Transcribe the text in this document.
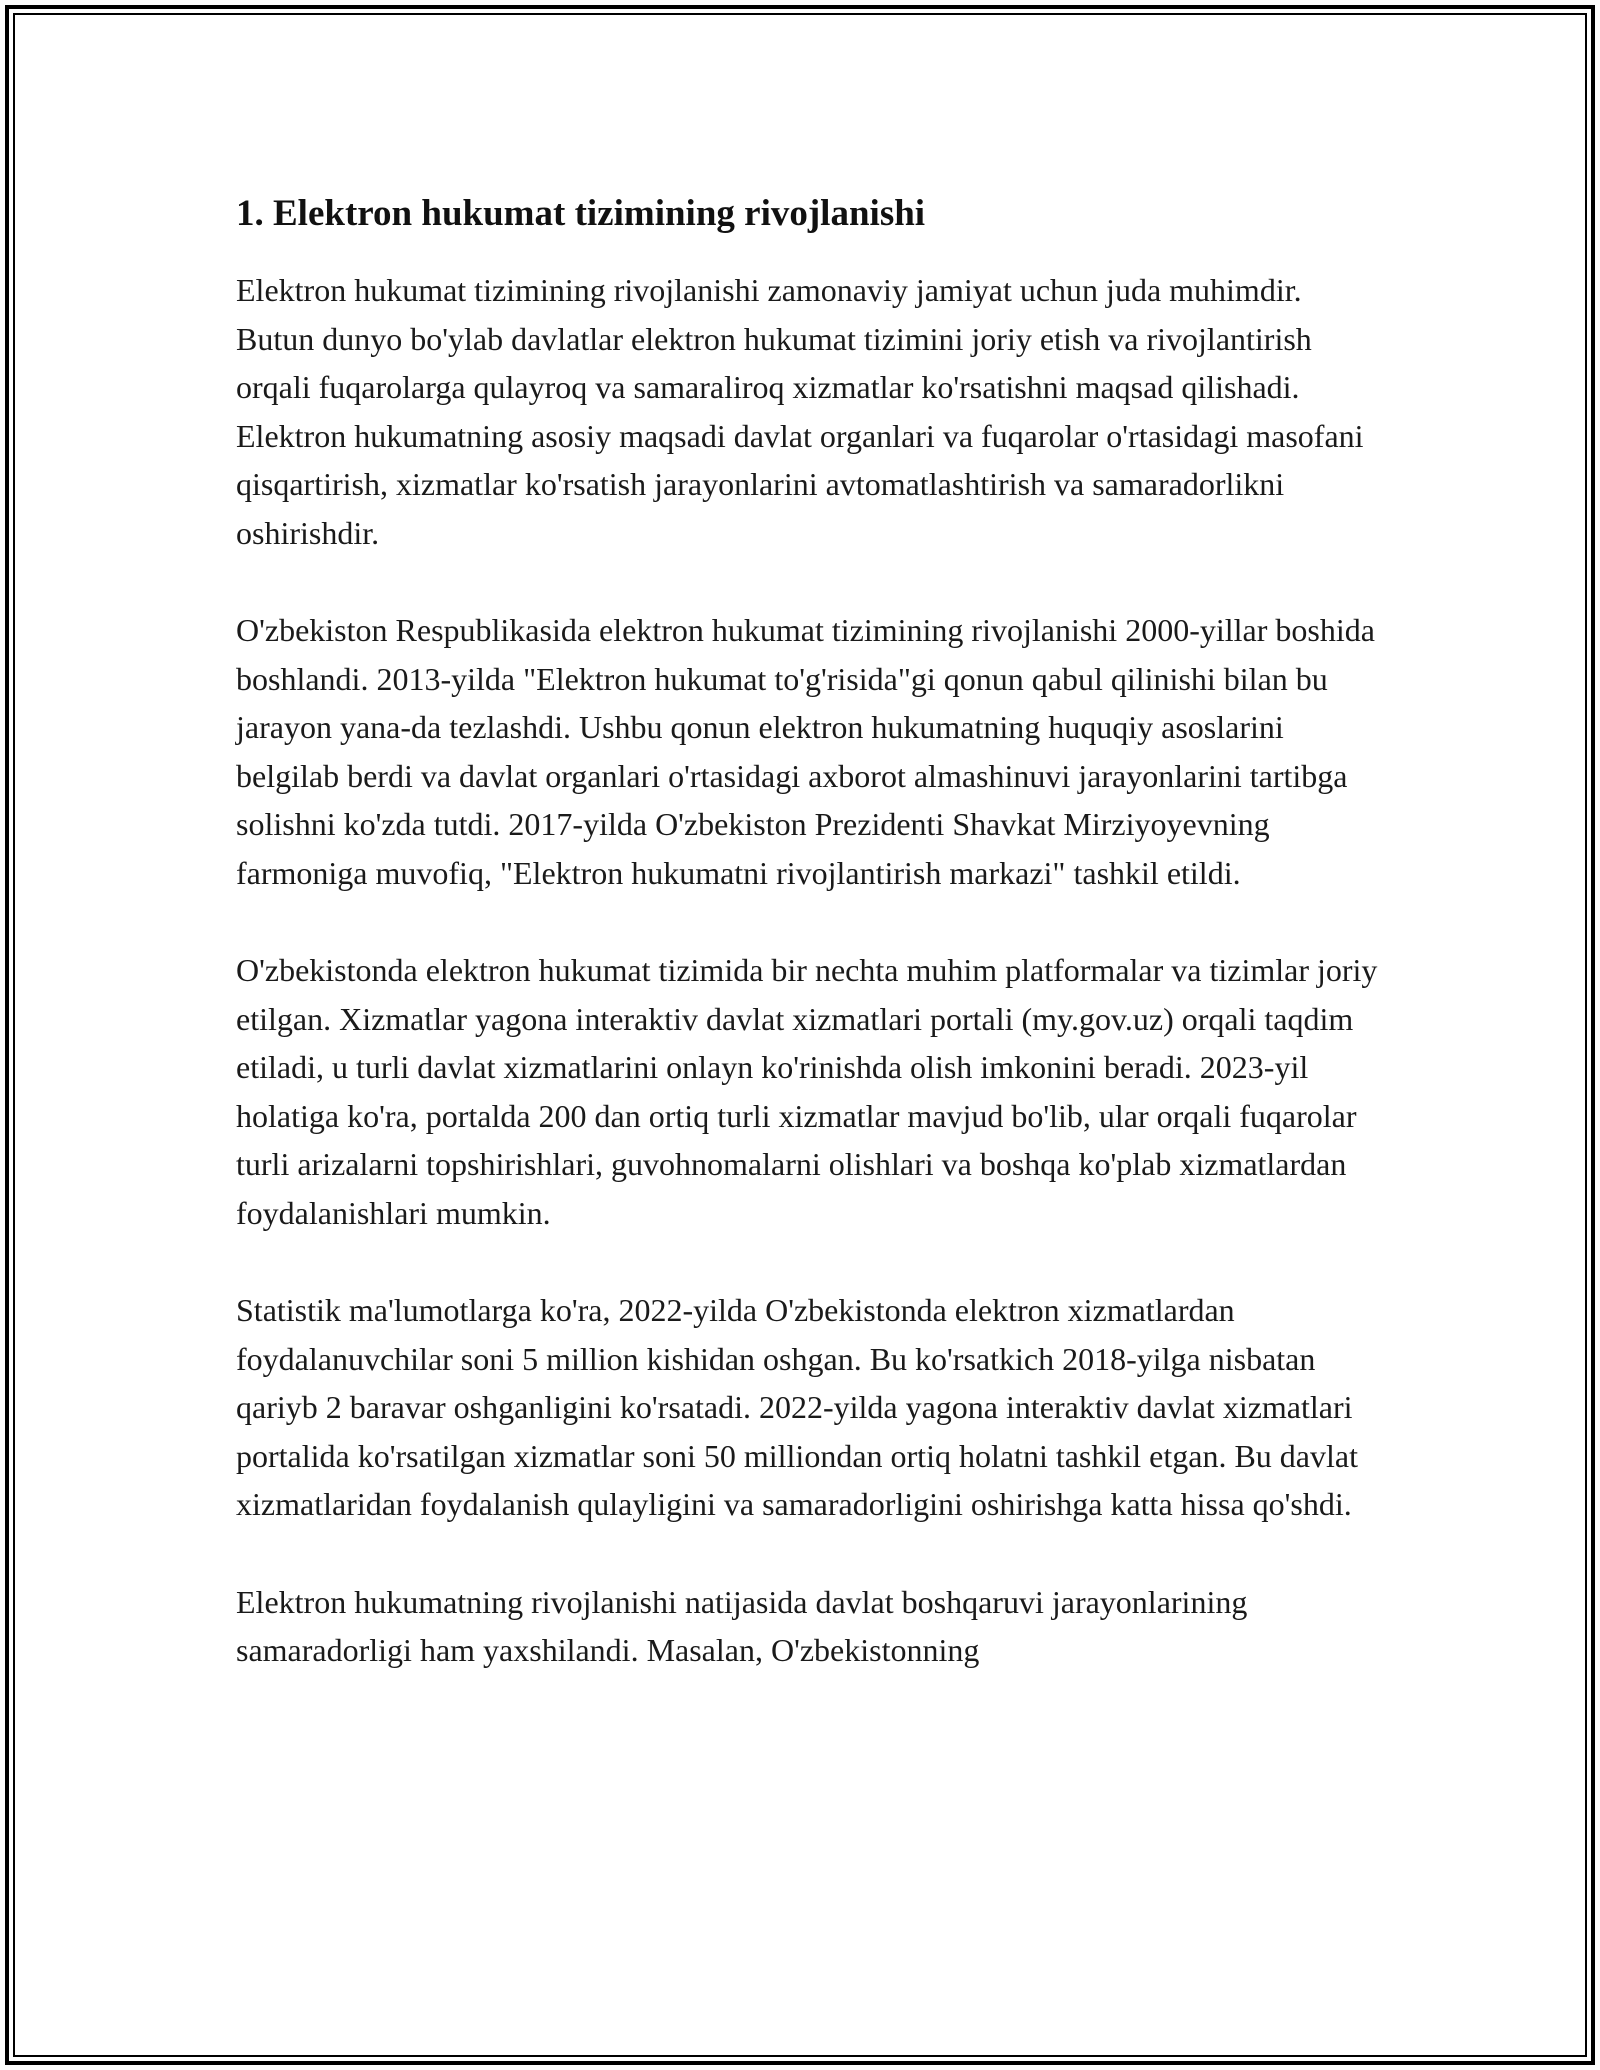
1. Elektron hukumat tizimining rivojlanishi

Elektron hukumat tizimining rivojlanishi zamonaviy jamiyat uchun juda muhimdir. Butun dunyo bo'ylab davlatlar elektron hukumat tizimini joriy etish va rivojlantirish orqali fuqarolarga qulayroq va samaraliroq xizmatlar ko'rsatishni maqsad qilishadi. Elektron hukumatning asosiy maqsadi davlat organlari va fuqarolar o'rtasidagi masofani qisqartirish, xizmatlar ko'rsatish jarayonlarini avtomatlashtirish va samaradorlikni oshirishdir.

O'zbekiston Respublikasida elektron hukumat tizimining rivojlanishi 2000-yillar boshida boshlandi. 2013-yilda "Elektron hukumat to'g'risida"gi qonun qabul qilinishi bilan bu jarayon yana-da tezlashdi. Ushbu qonun elektron hukumatning huquqiy asoslarini belgilab berdi va davlat organlari o'rtasidagi axborot almashinuvi jarayonlarini tartibga solishni ko'zda tutdi. 2017-yilda O'zbekiston Prezidenti Shavkat Mirziyoyevning farmoniga muvofiq, "Elektron hukumatni rivojlantirish markazi" tashkil etildi.

O'zbekistonda elektron hukumat tizimida bir nechta muhim platformalar va tizimlar joriy etilgan. Xizmatlar yagona interaktiv davlat xizmatlari portali (my.gov.uz) orqali taqdim etiladi, u turli davlat xizmatlarini onlayn ko'rinishda olish imkonini beradi. 2023-yil holatiga ko'ra, portalda 200 dan ortiq turli xizmatlar mavjud bo'lib, ular orqali fuqarolar turli arizalarni topshirishlari, guvohnomalarni olishlari va boshqa ko'plab xizmatlardan foydalanishlari mumkin.

Statistik ma'lumotlarga ko'ra, 2022-yilda O'zbekistonda elektron xizmatlardan foydalanuvchilar soni 5 million kishidan oshgan. Bu ko'rsatkich 2018-yilga nisbatan qariyb 2 baravar oshganligini ko'rsatadi. 2022-yilda yagona interaktiv davlat xizmatlari portalida ko'rsatilgan xizmatlar soni 50 milliondan ortiq holatni tashkil etgan. Bu davlat xizmatlaridan foydalanish qulayligini va samaradorligini oshirishga katta hissa qo'shdi.

Elektron hukumatning rivojlanishi natijasida davlat boshqaruvi jarayonlarining samaradorligi ham yaxshilandi. Masalan, O'zbekistonning
